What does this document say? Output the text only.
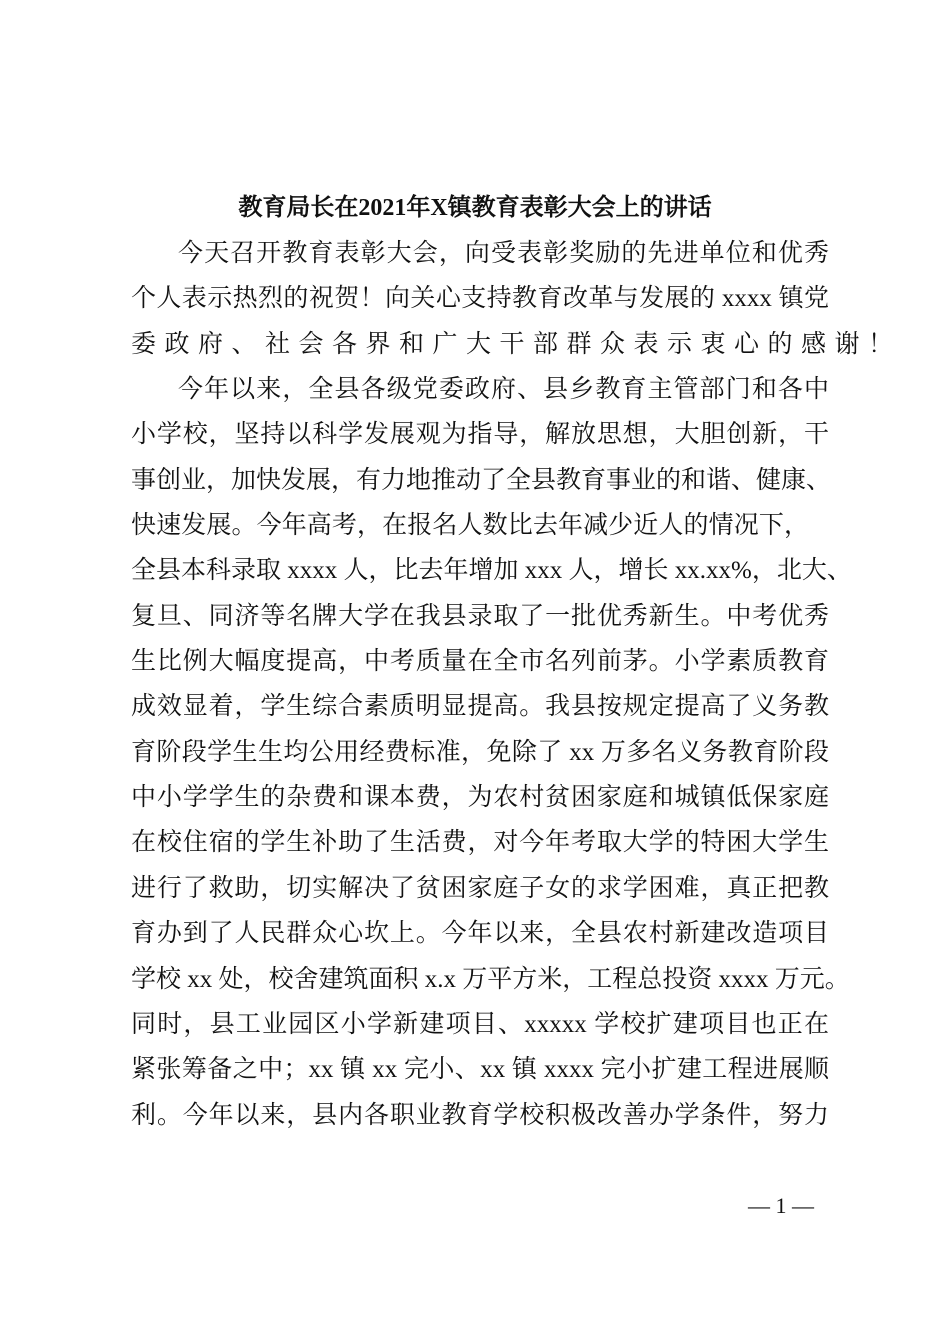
教育局长在2021年X镇教育表彰大会上的讲话
今天召开教育表彰大会，向受表彰奖励的先进单位和优秀
个人表示热烈的祝贺！向关心支持教育改革与发展的 xxxx 镇党
委政府、社会各界和广大干部群众表示衷心的感谢！
今年以来，全县各级党委政府、县乡教育主管部门和各中
小学校，坚持以科学发展观为指导，解放思想，大胆创新，干
事创业，加快发展，有力地推动了全县教育事业的和谐、健康、
快速发展。今年高考，在报名人数比去年减少近人的情况下，
全县本科录取 xxxx 人，比去年增加 xxx 人，增长 xx.xx%，北大、
复旦、同济等名牌大学在我县录取了一批优秀新生。中考优秀
生比例大幅度提高，中考质量在全市名列前茅。小学素质教育
成效显着，学生综合素质明显提高。我县按规定提高了义务教
育阶段学生生均公用经费标准，免除了 xx 万多名义务教育阶段
中小学学生的杂费和课本费，为农村贫困家庭和城镇低保家庭
在校住宿的学生补助了生活费，对今年考取大学的特困大学生
进行了救助，切实解决了贫困家庭子女的求学困难，真正把教
育办到了人民群众心坎上。今年以来，全县农村新建改造项目
学校 xx 处，校舍建筑面积 x.x 万平方米，工程总投资 xxxx 万元。
同时，县工业园区小学新建项目、xxxxx 学校扩建项目也正在
紧张筹备之中；xx 镇 xx 完小、xx 镇 xxxx 完小扩建工程进展顺
利。今年以来，县内各职业教育学校积极改善办学条件，努力
— 1 —
